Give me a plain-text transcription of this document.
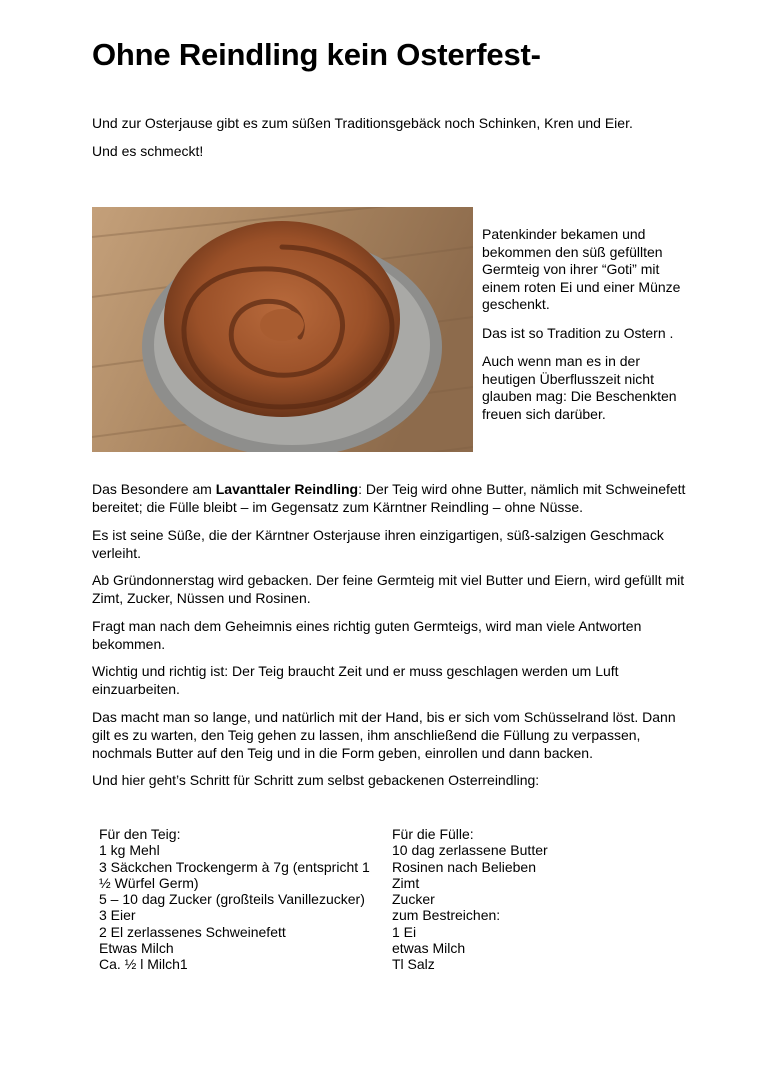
Ohne Reindling kein Osterfest-

Und zur Osterjause gibt es zum süßen Traditionsgebäck noch Schinken, Kren und Eier.

Und es schmeckt!

Patenkinder bekamen und bekommen den süß gefüllten Germteig von ihrer “Goti” mit einem roten Ei und einer Münze geschenkt.

Das ist so Tradition zu Ostern .

Auch wenn man es in der heutigen Überflusszeit nicht glauben mag: Die Beschenkten freuen sich darüber.

Das Besondere am Lavanttaler Reindling: Der Teig wird ohne Butter, nämlich mit Schweinefett bereitet; die Fülle bleibt – im Gegensatz zum Kärntner Reindling – ohne Nüsse.

Es ist seine Süße, die der Kärntner Osterjause ihren einzigartigen, süß-salzigen Geschmack verleiht.

Ab Gründonnerstag wird gebacken. Der feine Germteig mit viel Butter und Eiern, wird gefüllt mit Zimt, Zucker, Nüssen und Rosinen.

Fragt man nach dem Geheimnis eines richtig guten Germteigs, wird man viele Antworten bekommen.

Wichtig und richtig ist: Der Teig braucht Zeit und er muss geschlagen werden um Luft einzuarbeiten.

Das macht man so lange, und natürlich mit der Hand, bis er sich vom Schüsselrand löst. Dann gilt es zu warten, den Teig gehen zu lassen, ihm anschließend die Füllung zu verpassen, nochmals Butter auf den Teig und in die Form geben, einrollen und dann backen.

Und hier geht’s Schritt für Schritt zum selbst gebackenen Osterreindling:

Für den Teig:
1 kg Mehl
3 Säckchen Trockengerm à 7g (entspricht 1 ½ Würfel Germ)
5 – 10 dag Zucker (großteils Vanillezucker)
3 Eier
2 El zerlassenes Schweinefett
Etwas Milch
Ca. ½ l Milch1
Für die Fülle:
10 dag zerlassene Butter
Rosinen nach Belieben
Zimt
Zucker
zum Bestreichen:
1 Ei
etwas Milch
Tl Salz
